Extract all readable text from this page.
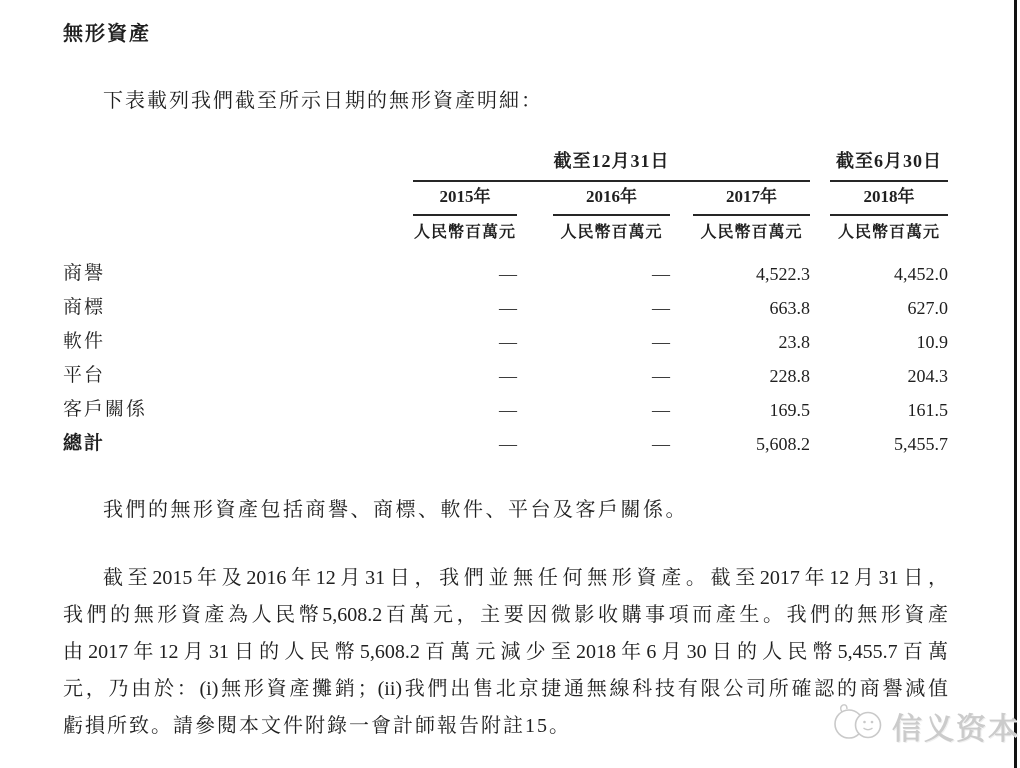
無形資產

下表載列我們截至所示日期的無形資產明細：

截至12月31日	截至6月30日
2015年	2016年	2017年	2018年
人民幣百萬元	人民幣百萬元	人民幣百萬元	人民幣百萬元
商譽	—	—	4,522.3	4,452.0
商標	—	—	663.8	627.0
軟件	—	—	23.8	10.9
平台	—	—	228.8	204.3
客戶關係	—	—	169.5	161.5
總計	—	—	5,608.2	5,455.7

我們的無形資產包括商譽、商標、軟件、平台及客戶關係。

截至2015年及2016年12月31日，我們並無任何無形資產。截至2017年12月31日，
我們的無形資產為人民幣5,608.2百萬元，主要因微影收購事項而產生。我們的無形資產
由2017年12月31日的人民幣5,608.2百萬元減少至2018年6月30日的人民幣5,455.7百萬
元，乃由於：(i)無形資產攤銷；(ii)我們出售北京捷通無線科技有限公司所確認的商譽減值
虧損所致。請參閱本文件附錄一會計師報告附註15。	信义资本
